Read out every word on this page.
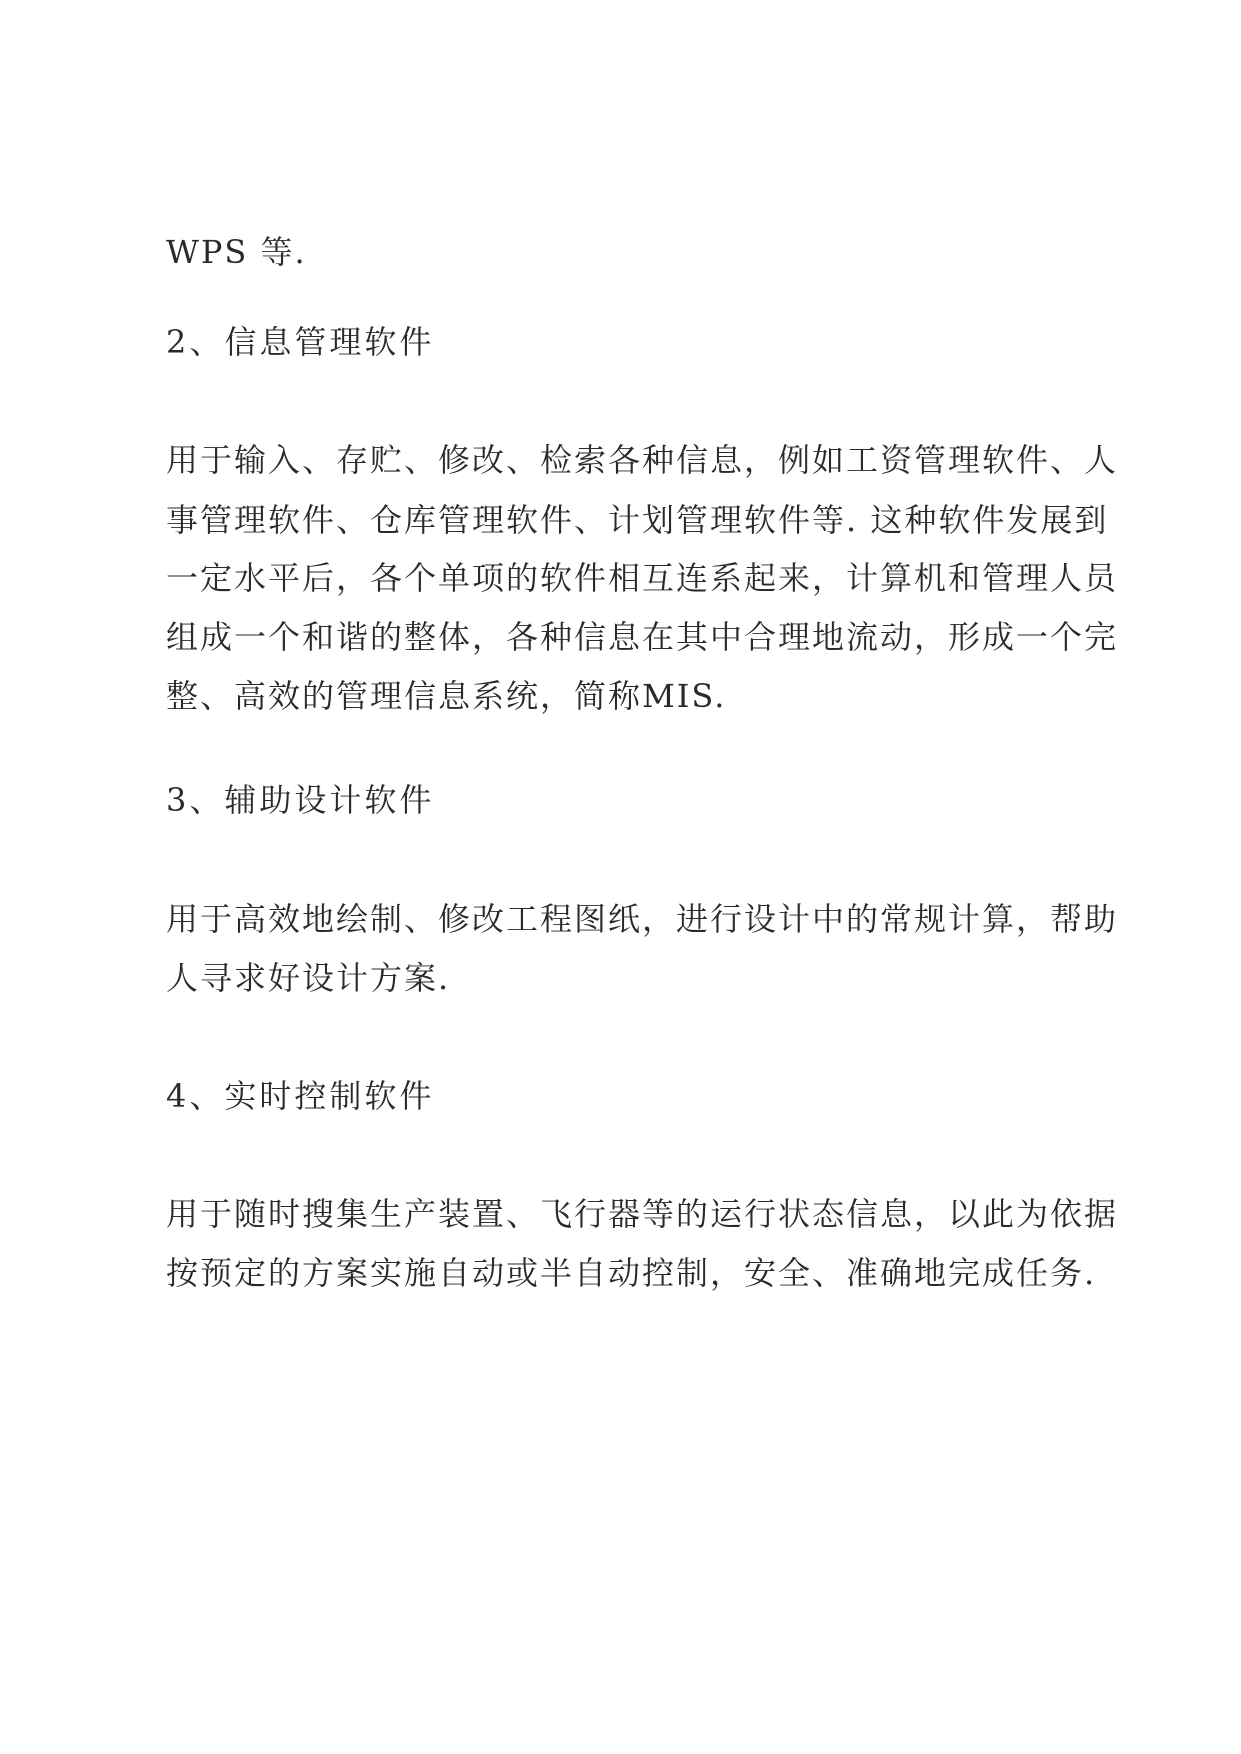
WPS 等.
2、信息管理软件
用于输入、存贮、修改、检索各种信息，例如工资管理软件、人
事管理软件、仓库管理软件、计划管理软件等. 这种软件发展到
一定水平后，各个单项的软件相互连系起来，计算机和管理人员
组成一个和谐的整体，各种信息在其中合理地流动，形成一个完
整、高效的管理信息系统，简称MIS.
3、辅助设计软件
用于高效地绘制、修改工程图纸，进行设计中的常规计算，帮助
人寻求好设计方案.
4、实时控制软件
用于随时搜集生产装置、飞行器等的运行状态信息，以此为依据
按预定的方案实施自动或半自动控制，安全、准确地完成任务.
